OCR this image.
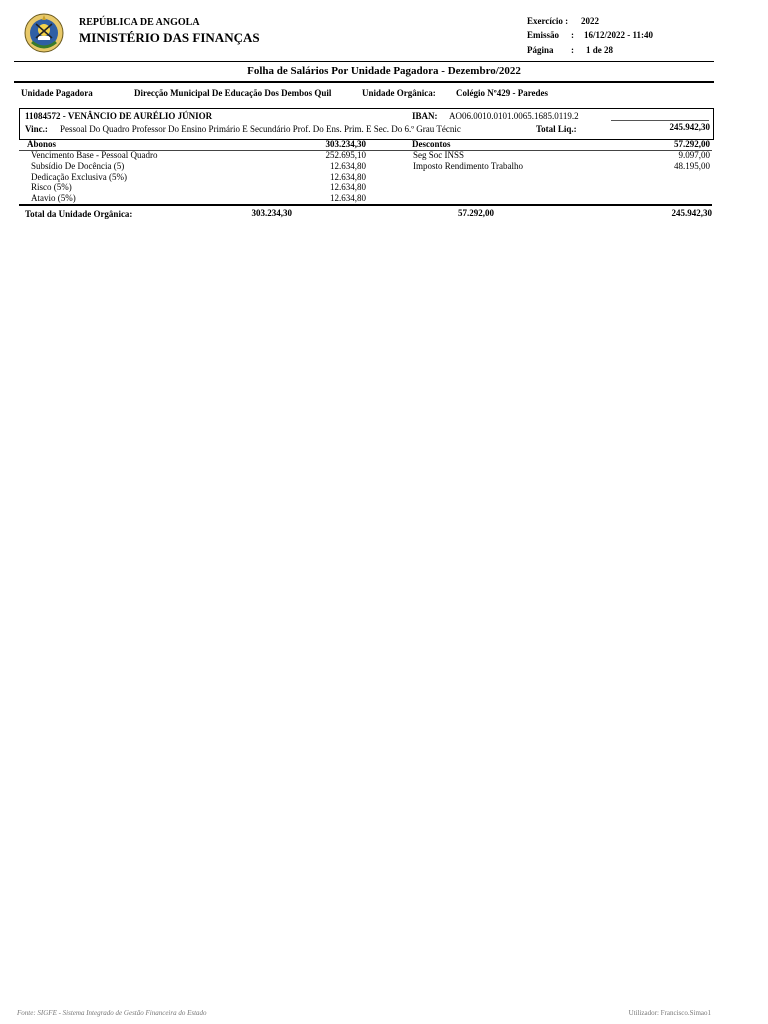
REPÚBLICA DE ANGOLA
MINISTÉRIO DAS FINANÇAS
Exercício : 2022
Emissão : 16/12/2022 - 11:40
Página : 1 de 28
Folha de Salários Por Unidade Pagadora - Dezembro/2022
Unidade Pagadora	Direcção Municipal De Educação Dos Dembos Quil	Unidade Orgânica: Colégio Nº429 - Paredes
11084572 - VENÂNCIO DE AURÉLIO JÚNIOR	IBAN: AO06.0010.0101.0065.1685.0119.2
Vinc.: Pessoal Do Quadro Professor Do Ensino Primário E Secundário Prof. Do Ens. Prim. E Sec. Do 6.º Grau Técnic	Total Liq.:	245.942,30
Abonos	303.234,30	Descontos	57.292,00
Vencimento Base - Pessoal Quadro	252.695,10
Subsídio De Docência (5)	12.634,80
Dedicação Exclusiva (5%)	12.634,80
Risco (5%)	12.634,80
Atavio (5%)	12.634,80
Seg Soc INSS	9.097,00
Imposto Rendimento Trabalho	48.195,00
Total da Unidade Orgânica:	303.234,30	57.292,00	245.942,30
Fonte: SIGFE - Sistema Integrado de Gestão Financeira do Estado	Utilizador: Francisco.Simao1
